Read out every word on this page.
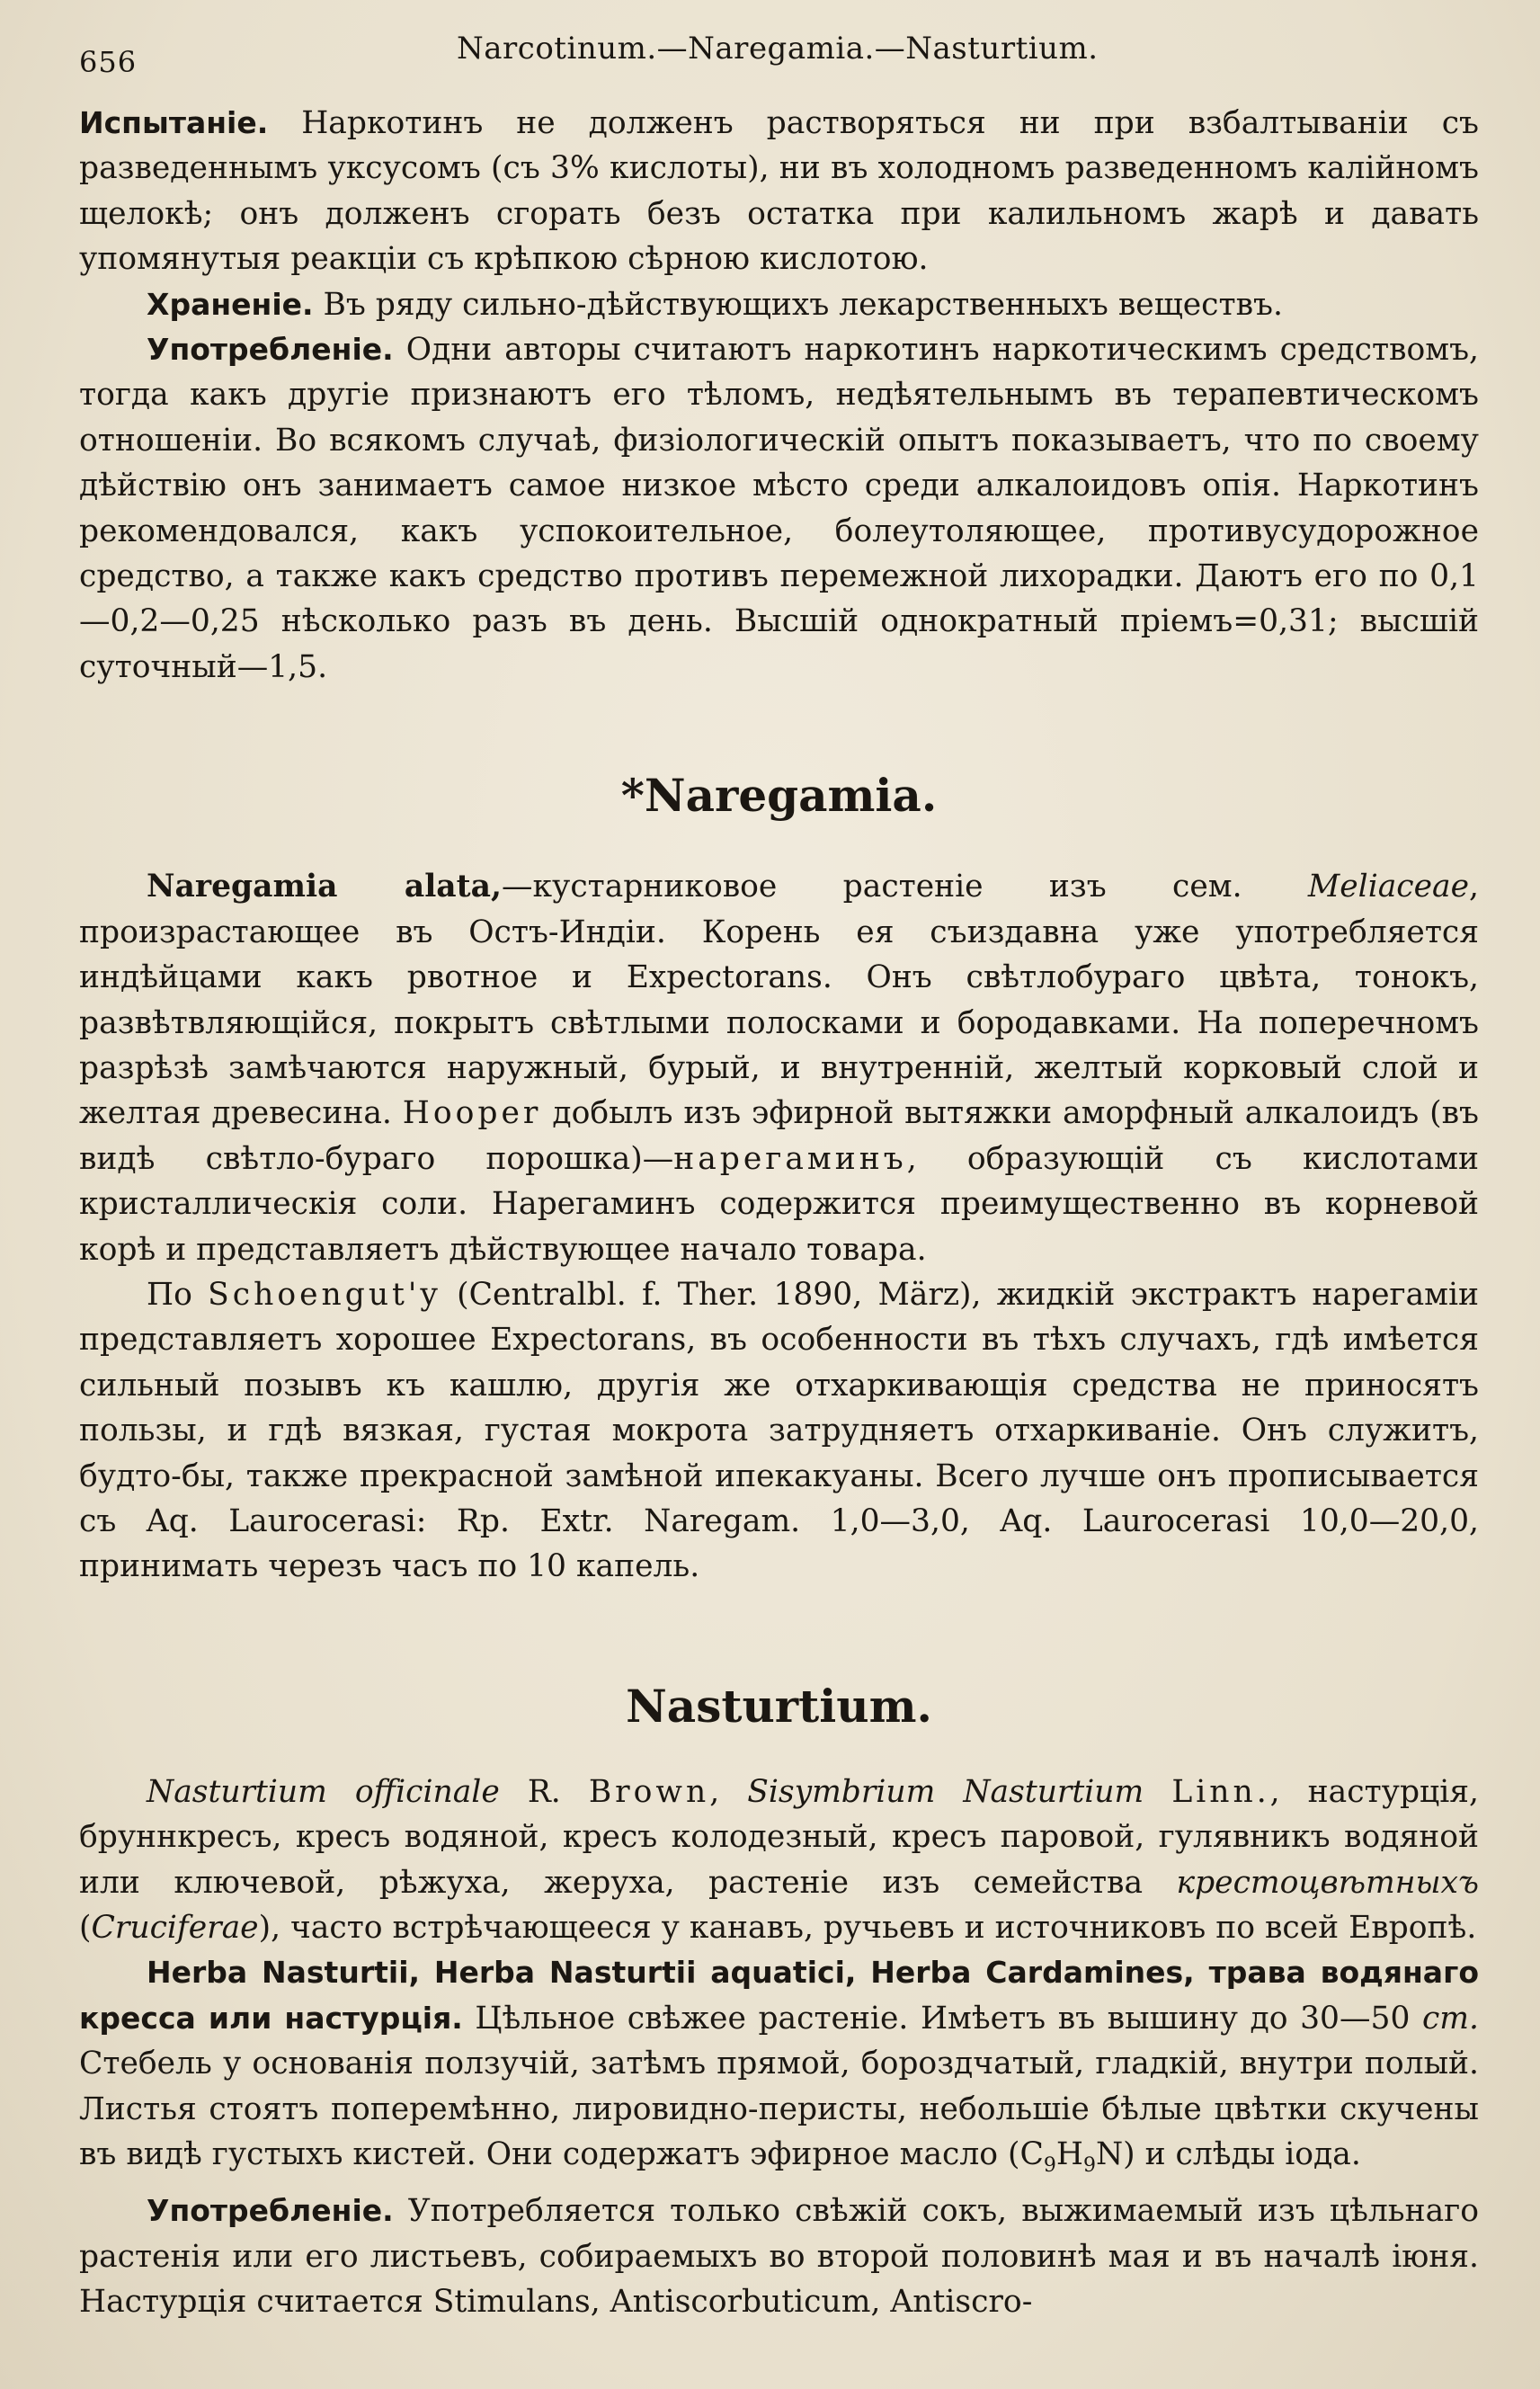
656	Narcotinum.—Naregamia.—Nasturtium.

Испытаніе. Наркотинъ не долженъ растворяться ни при взбалтываніи съ разведеннымъ уксусомъ (съ 3% кислоты), ни въ холодномъ разведенномъ калійномъ щелокѣ; онъ долженъ сгорать безъ остатка при калильномъ жарѣ и давать упомянутыя реакціи съ крѣпкою сѣрною кислотою.

Храненіе. Въ ряду сильно-дѣйствующихъ лекарственныхъ веществъ.

Употребленіе. Одни авторы считаютъ наркотинъ наркотическимъ средствомъ, тогда какъ другіе признаютъ его тѣломъ, недѣятельнымъ въ терапевтическомъ отношеніи. Во всякомъ случаѣ, физіологическій опытъ показываетъ, что по своему дѣйствію онъ занимаетъ самое низкое мѣсто среди алкалоидовъ опія. Наркотинъ рекомендовался, какъ успокоительное, болеутоляющее, противусудорожное средство, а также какъ средство противъ перемежной лихорадки. Даютъ его по 0,1—0,2—0,25 нѣсколько разъ въ день. Высшій однократный пріемъ=0,31; высшій суточный—1,5.

*Naregamia.

Naregamia alata,—кустарниковое растеніе изъ сем. Meliaceae, произрастающее въ Остъ-Индіи. Корень ея съиздавна уже употребляется индѣйцами какъ рвотное и Expectorans. Онъ свѣтлобураго цвѣта, тонокъ, развѣтвляющійся, покрытъ свѣтлыми полосками и бородавками. На поперечномъ разрѣзѣ замѣчаются наружный, бурый, и внутренній, желтый корковый слой и желтая древесина. Hooper добылъ изъ эфирной вытяжки аморфный алкалоидъ (въ видѣ свѣтло-бураго порошка)—нарегаминъ, образующій съ кислотами кристаллическія соли. Нарегаминъ содержится преимущественно въ корневой корѣ и представляетъ дѣйствующее начало товара.

По Schoengut'y (Centralbl. f. Ther. 1890, März), жидкій экстрактъ нарегаміи представляетъ хорошее Expectorans, въ особенности въ тѣхъ случахъ, гдѣ имѣется сильный позывъ къ кашлю, другія же отхаркивающія средства не приносятъ пользы, и гдѣ вязкая, густая мокрота затрудняетъ отхаркиваніе. Онъ служитъ, будто-бы, также прекрасной замѣной ипекакуаны. Всего лучше онъ прописывается съ Aq. Laurocerasi: Rp. Extr. Naregam. 1,0—3,0, Aq. Laurocerasi 10,0—20,0, принимать черезъ часъ по 10 капель.

Nasturtium.

Nasturtium officinale R. Brown, Sisymbrium Nasturtium Linn., настурція, бруннкресъ, кресъ водяной, кресъ колодезный, кресъ паровой, гулявникъ водяной или ключевой, рѣжуха, жеруха, растеніе изъ семейства крестоцвѣтныхъ (Cruciferae), часто встрѣчающееся у канавъ, ручьевъ и источниковъ по всей Европѣ.

Herba Nasturtii, Herba Nasturtii aquatici, Herba Cardamines, трава водянаго кресса или настурція. Цѣльное свѣжее растеніе. Имѣетъ въ вышину до 30—50 cm. Стебель у основанія ползучій, затѣмъ прямой, бороздчатый, гладкій, внутри полый. Листья стоятъ поперемѣнно, лировидно-перисты, небольшіе бѣлые цвѣтки скучены въ видѣ густыхъ кистей. Они содержатъ эфирное масло $(C_9H_9N)$ и слѣды іода.

Употребленіе. Употребляется только свѣжій сокъ, выжимаемый изъ цѣльнаго растенія или его листьевъ, собираемыхъ во второй половинѣ мая и въ началѣ іюня. Настурція считается Stimulans, Antiscorbuticum, Antiscro-
